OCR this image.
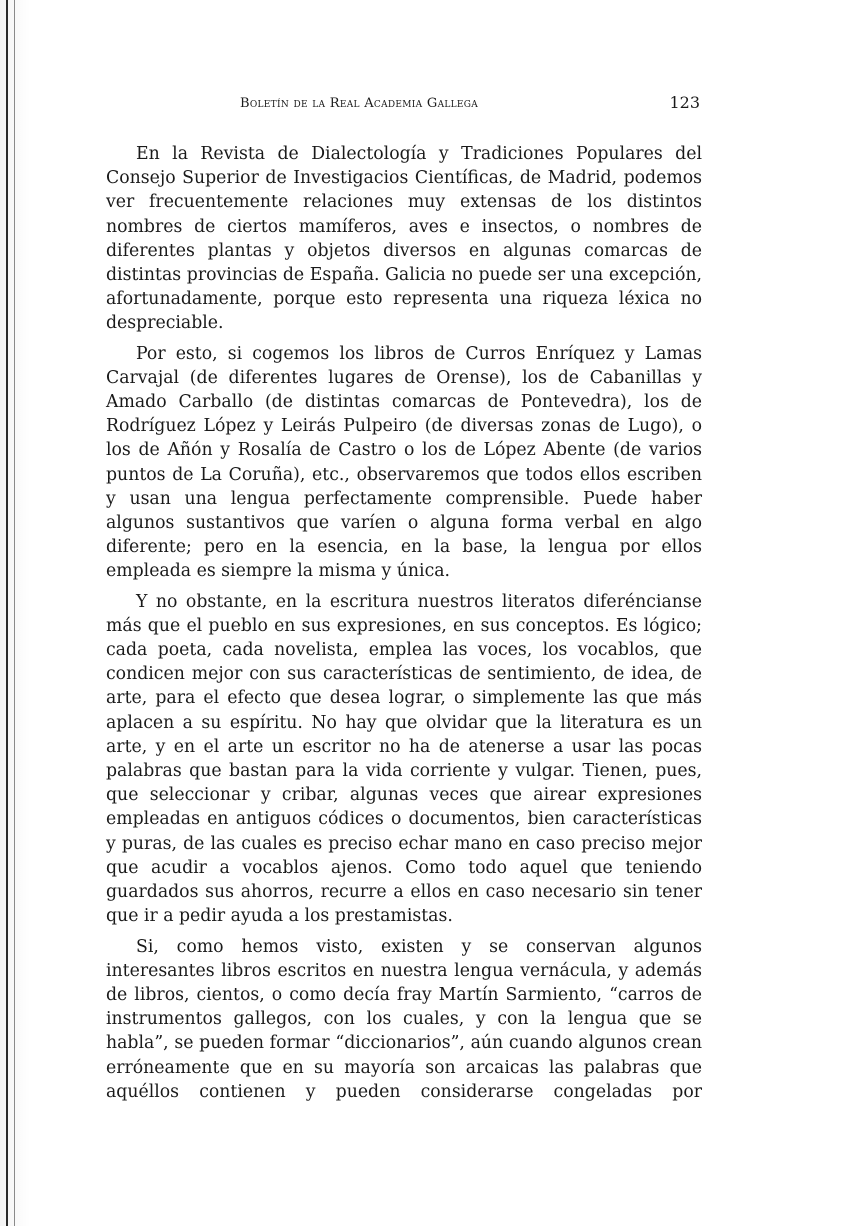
Boletín de la Real Academia Gallega	123

En la Revista de Dialectología y Tradiciones Populares del Consejo Superior de Investigacios Científicas, de Madrid, podemos ver frecuentemente relaciones muy extensas de los distintos nombres de ciertos mamíferos, aves e insectos, o nombres de diferentes plantas y objetos diversos en algunas comarcas de distintas provincias de España. Galicia no puede ser una excepción, afortunadamente, porque esto representa una riqueza léxica no despreciable.

Por esto, si cogemos los libros de Curros Enríquez y Lamas Carvajal (de diferentes lugares de Orense), los de Cabanillas y Amado Carballo (de distintas comarcas de Pontevedra), los de Rodríguez López y Leirás Pulpeiro (de diversas zonas de Lugo), o los de Añón y Rosalía de Castro o los de López Abente (de varios puntos de La Coruña), etc., observaremos que todos ellos escriben y usan una lengua perfectamente comprensible. Puede haber algunos sustantivos que varíen o alguna forma verbal en algo diferente; pero en la esencia, en la base, la lengua por ellos empleada es siempre la misma y única.

Y no obstante, en la escritura nuestros literatos diferéncianse más que el pueblo en sus expresiones, en sus conceptos. Es lógico; cada poeta, cada novelista, emplea las voces, los vocablos, que condicen mejor con sus características de sentimiento, de idea, de arte, para el efecto que desea lograr, o simplemente las que más aplacen a su espíritu. No hay que olvidar que la literatura es un arte, y en el arte un escritor no ha de atenerse a usar las pocas palabras que bastan para la vida corriente y vulgar. Tienen, pues, que seleccionar y cribar, algunas veces que airear expresiones empleadas en antiguos códices o documentos, bien características y puras, de las cuales es preciso echar mano en caso preciso mejor que acudir a vocablos ajenos. Como todo aquel que teniendo guardados sus ahorros, recurre a ellos en caso necesario sin tener que ir a pedir ayuda a los prestamistas.

Si, como hemos visto, existen y se conservan algunos interesantes libros escritos en nuestra lengua vernácula, y además de libros, cientos, o como decía fray Martín Sarmiento, “carros de instrumentos gallegos, con los cuales, y con la lengua que se habla”, se pueden formar “diccionarios”, aún cuando algunos crean erróneamente que en su mayoría son arcaicas las palabras que aquéllos contienen y pueden considerarse congeladas por
